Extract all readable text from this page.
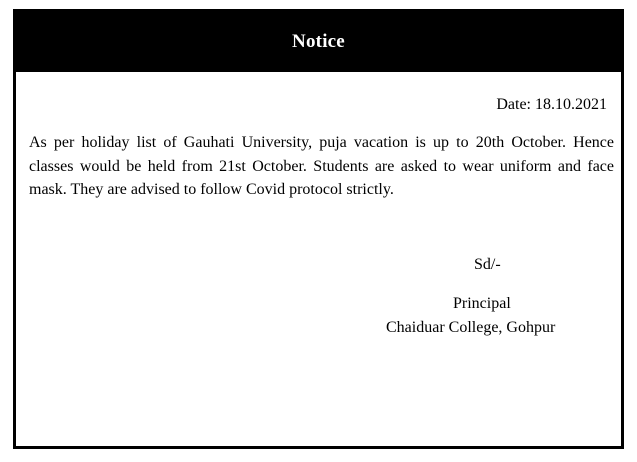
Notice
Date: 18.10.2021

As per holiday list of Gauhati University, puja vacation is up to 20th October. Hence classes would be held from 21st October. Students are asked to wear uniform and face mask. They are advised to follow Covid protocol strictly.

Sd/-
Principal
Chaiduar College, Gohpur
